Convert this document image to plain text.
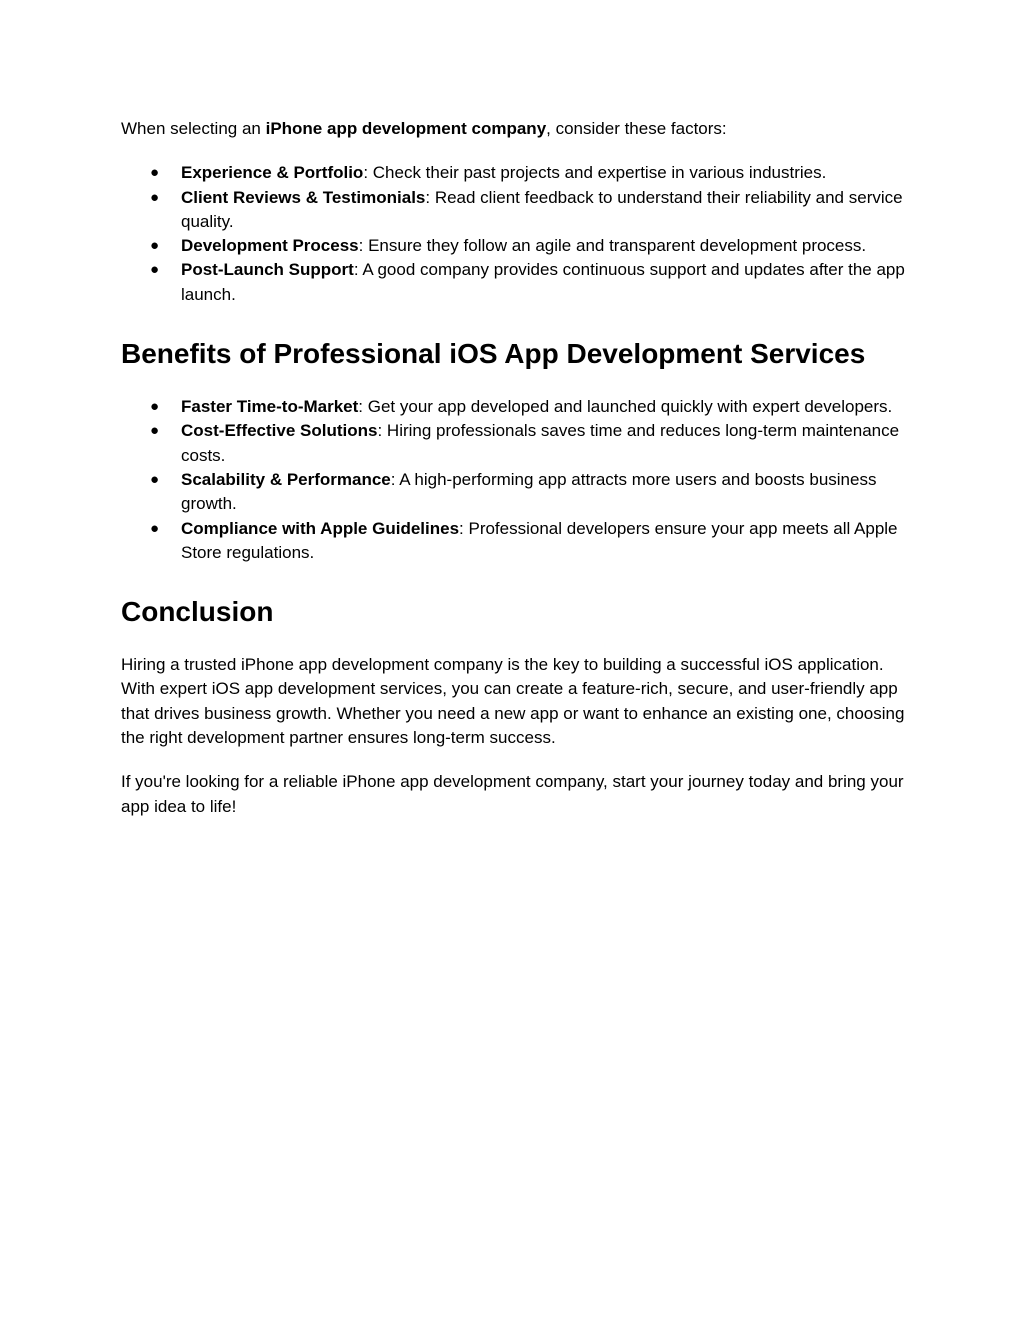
When selecting an iPhone app development company, consider these factors:

● Experience & Portfolio: Check their past projects and expertise in various industries.
● Client Reviews & Testimonials: Read client feedback to understand their reliability and service quality.
● Development Process: Ensure they follow an agile and transparent development process.
● Post-Launch Support: A good company provides continuous support and updates after the app launch.
Benefits of Professional iOS App Development Services
● Faster Time-to-Market: Get your app developed and launched quickly with expert developers.
● Cost-Effective Solutions: Hiring professionals saves time and reduces long-term maintenance costs.
● Scalability & Performance: A high-performing app attracts more users and boosts business growth.
● Compliance with Apple Guidelines: Professional developers ensure your app meets all Apple Store regulations.
Conclusion

Hiring a trusted iPhone app development company is the key to building a successful iOS application. With expert iOS app development services, you can create a feature-rich, secure, and user-friendly app that drives business growth. Whether you need a new app or want to enhance an existing one, choosing the right development partner ensures long-term success.

If you're looking for a reliable iPhone app development company, start your journey today and bring your app idea to life!
